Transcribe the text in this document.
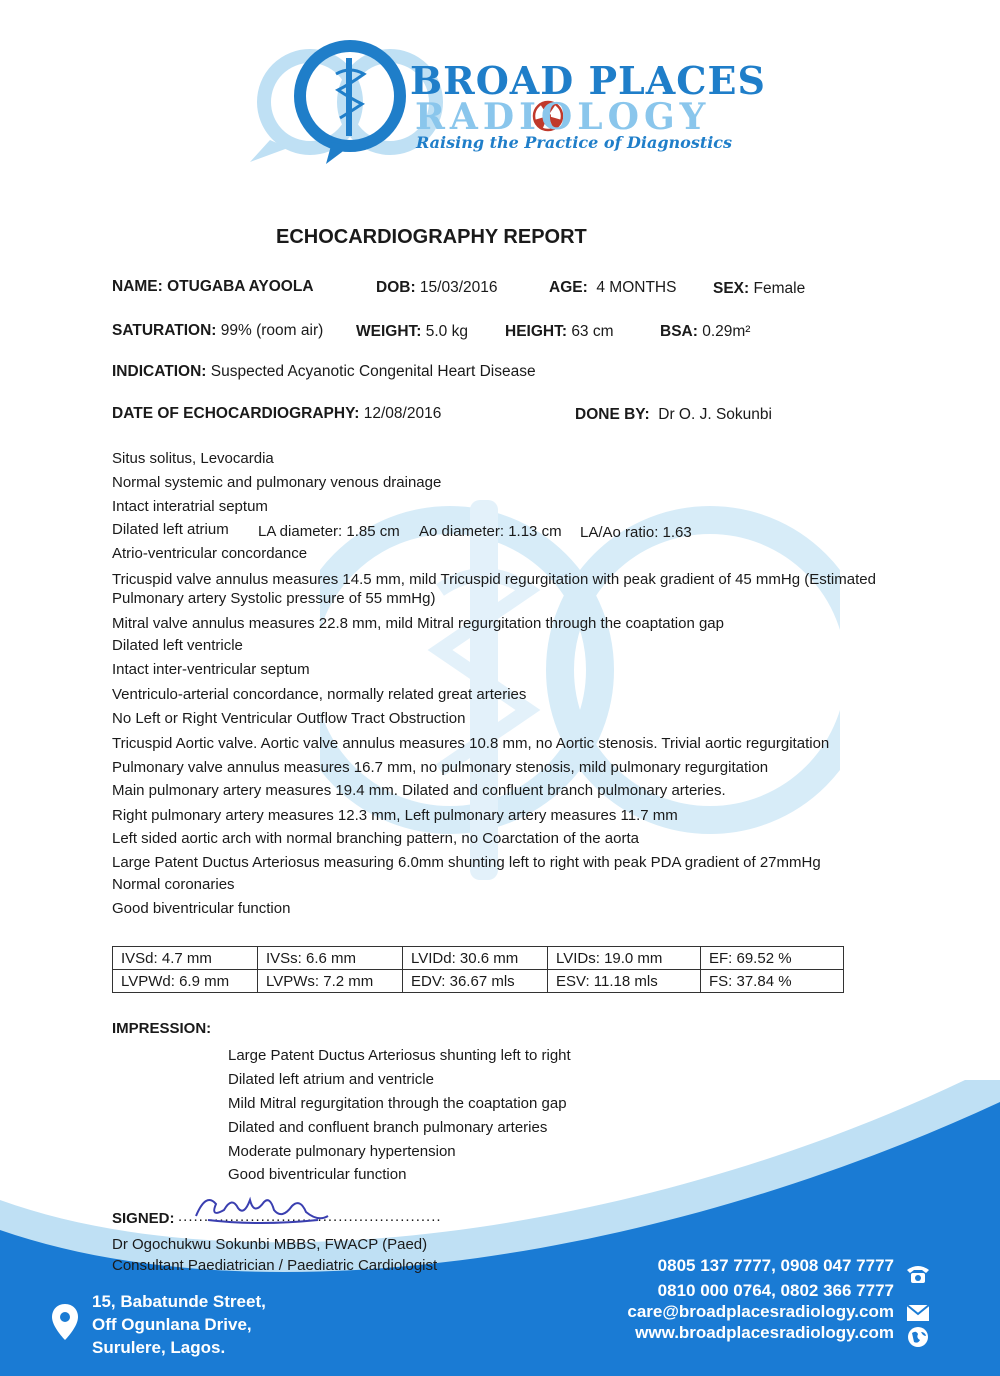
BROAD PLACES
RADIOLOGY
Raising the Practice of Diagnostics
ECHOCARDIOGRAPHY REPORT
NAME: OTUGABA AYOOLA	DOB: 15/03/2016	AGE: 4 MONTHS SEX: Female
SATURATION: 99% (room air) WEIGHT: 5.0 kg HEIGHT: 63 cm	BSA: 0.29m²
INDICATION: Suspected Acyanotic Congenital Heart Disease
DATE OF ECHOCARDIOGRAPHY: 12/08/2016	DONE BY: Dr O. J. Sokunbi
Situs solitus, Levocardia
Normal systemic and pulmonary venous drainage
Intact interatrial septum
Dilated left atrium LA diameter: 1.85 cm Ao diameter: 1.13 cm LA/Ao ratio: 1.63
Atrio-ventricular concordance
Tricuspid valve annulus measures 14.5 mm, mild Tricuspid regurgitation with peak gradient of 45 mmHg (Estimated
Pulmonary artery Systolic pressure of 55 mmHg)
Mitral valve annulus measures 22.8 mm, mild Mitral regurgitation through the coaptation gap
Dilated left ventricle
Intact inter-ventricular septum
Ventriculo-arterial concordance, normally related great arteries
No Left or Right Ventricular Outflow Tract Obstruction
Tricuspid Aortic valve. Aortic valve annulus measures 10.8 mm, no Aortic stenosis. Trivial aortic regurgitation
Pulmonary valve annulus measures 16.7 mm, no pulmonary stenosis, mild pulmonary regurgitation
Main pulmonary artery measures 19.4 mm. Dilated and confluent branch pulmonary arteries.
Right pulmonary artery measures 12.3 mm, Left pulmonary artery measures 11.7 mm
Left sided aortic arch with normal branching pattern, no Coarctation of the aorta
Large Patent Ductus Arteriosus measuring 6.0mm shunting left to right with peak PDA gradient of 27mmHg
Normal coronaries
Good biventricular function
IVSd: 4.7 mm	IVSs: 6.6 mm	LVIDd: 30.6 mm	LVIDs: 19.0 mm	EF: 69.52 %
LVPWd: 6.9 mm	LVPWs: 7.2 mm	EDV: 36.67 mls	ESV: 11.18 mls	FS: 37.84 %
IMPRESSION:
Large Patent Ductus Arteriosus shunting left to right
Dilated left atrium and ventricle
Mild Mitral regurgitation through the coaptation gap
Dilated and confluent branch pulmonary arteries
Moderate pulmonary hypertension
Good biventricular function
SIGNED: ...................................................
Dr Ogochukwu Sokunbi MBBS, FWACP (Paed)
Consultant Paediatrician / Paediatric Cardiologist
15, Babatunde Street,
Off Ogunlana Drive,
Surulere, Lagos.
0805 137 7777, 0908 047 7777
0810 000 0764, 0802 366 7777
care@broadplacesradiology.com
www.broadplacesradiology.com
